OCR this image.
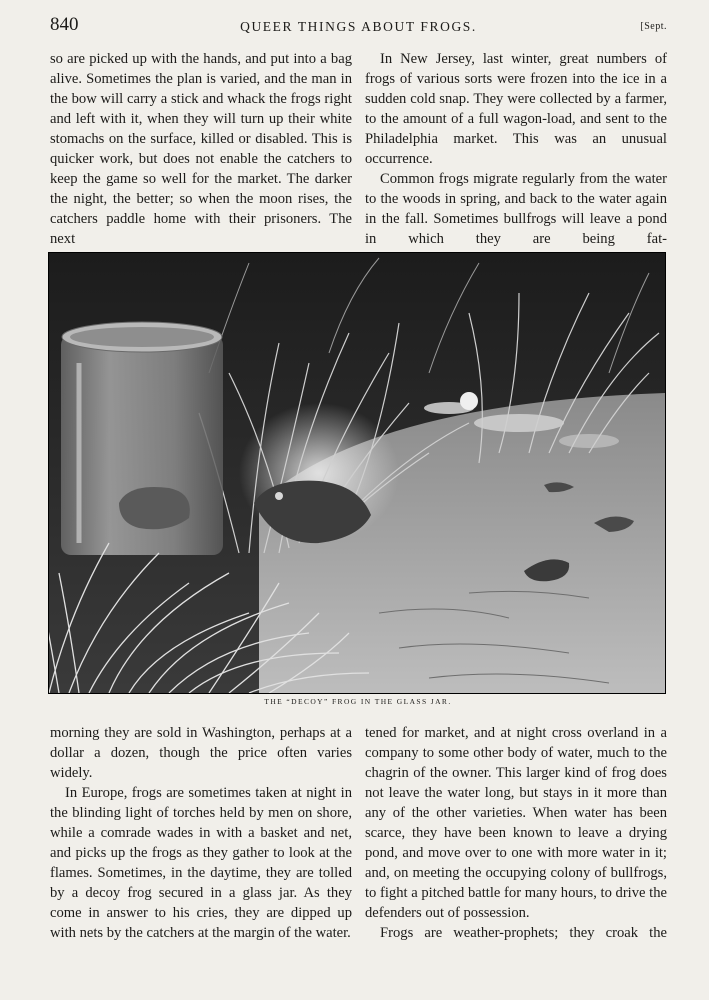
840	QUEER THINGS ABOUT FROGS.	[Sept.

so are picked up with the hands, and put into a bag alive. Sometimes the plan is varied, and the man in the bow will carry a stick and whack the frogs right and left with it, when they will turn up their white stomachs on the surface, killed or disabled. This is quicker work, but does not enable the catchers to keep the game so well for the market. The darker the night, the better; so when the moon rises, the catchers paddle home with their prisoners. The next

In New Jersey, last winter, great numbers of frogs of various sorts were frozen into the ice in a sudden cold snap. They were collected by a farmer, to the amount of a full wagon-load, and sent to the Philadelphia market. This was an unusual occurrence.

Common frogs migrate regularly from the water to the woods in spring, and back to the water again in the fall. Sometimes bullfrogs will leave a pond in which they are being fat-

THE “DECOY” FROG IN THE GLASS JAR.

morning they are sold in Washington, perhaps at a dollar a dozen, though the price often varies widely.

In Europe, frogs are sometimes taken at night in the blinding light of torches held by men on shore, while a comrade wades in with a basket and net, and picks up the frogs as they gather to look at the flames. Sometimes, in the daytime, they are tolled by a decoy frog secured in a glass jar. As they come in answer to his cries, they are dipped up with nets by the catchers at the margin of the water.

tened for market, and at night cross overland in a company to some other body of water, much to the chagrin of the owner. This larger kind of frog does not leave the water long, but stays in it more than any of the other varieties. When water has been scarce, they have been known to leave a drying pond, and move over to one with more water in it; and, on meeting the occupying colony of bullfrogs, to fight a pitched battle for many hours, to drive the defenders out of possession.

Frogs are weather-prophets; they croak the
